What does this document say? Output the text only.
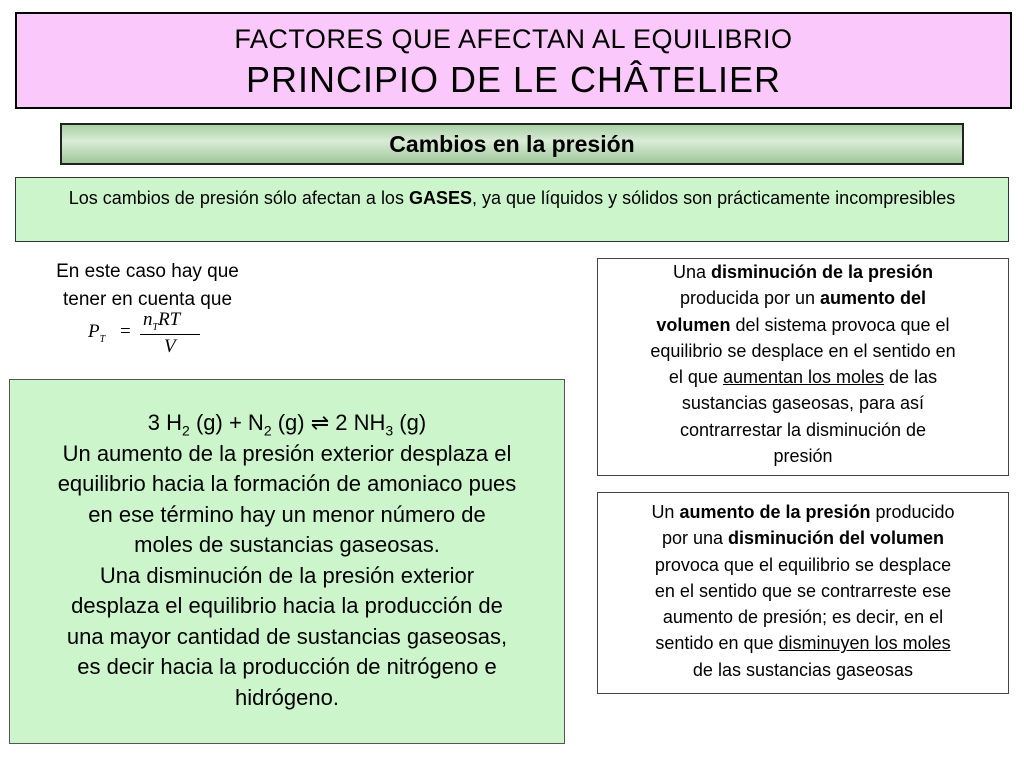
FACTORES QUE AFECTAN AL EQUILIBRIO
PRINCIPIO DE LE CHÂTELIER
Cambios en la presión
Los cambios de presión sólo afectan a los GASES, ya que líquidos y sólidos son prácticamente incompresibles
En este caso hay que
tener en cuenta que
$P_T$ =
$n_TRT$
V
3 $H_2$ $(g) + N_2$ (g) ⇌ 2 $NH_3$ (g)
Un aumento de la presión exterior desplaza el
equilibrio hacia la formación de amoniaco pues
en ese término hay un menor número de
moles de sustancias gaseosas.
Una disminución de la presión exterior
desplaza el equilibrio hacia la producción de
una mayor cantidad de sustancias gaseosas,
es decir hacia la producción de nitrógeno e
hidrógeno.
Una disminución de la presión
producida por un aumento del
volumen del sistema provoca que el
equilibrio se desplace en el sentido en
el que aumentan los moles de las
sustancias gaseosas, para así
contrarrestar la disminución de
presión
Un aumento de la presión producido
por una disminución del volumen
provoca que el equilibrio se desplace
en el sentido que se contrarreste ese
aumento de presión; es decir, en el
sentido en que disminuyen los moles
de las sustancias gaseosas
